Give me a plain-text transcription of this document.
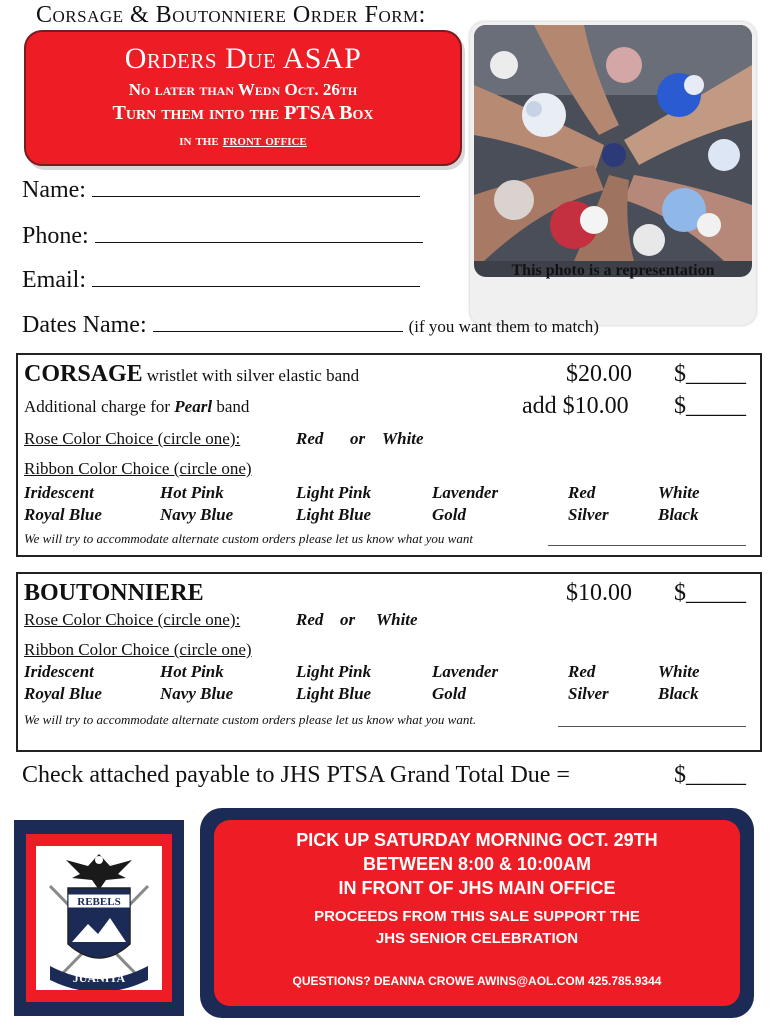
Corsage & Boutonniere Order Form:
Orders Due ASAP
No later than Wedn Oct. 26th
Turn them into the PTSA Box
in the front office
This photo is a representation
Name:
Phone:
Email:
Dates Name:	(if you want them to match)
CORSAGE wristlet with silver elastic band	$20.00 $_____
Additional charge for Pearl band	add $10.00 $_____
Rose Color Choice (circle one):	Red or White
Ribbon Color Choice (circle one)
Iridescent	Hot Pink	Light Pink	Lavender	Red	White
Royal Blue	Navy Blue	Light Blue	Gold	Silver	Black
We will try to accommodate alternate custom orders please let us know what you want
BOUTONNIERE	$10.00 $_____
Rose Color Choice (circle one):	Red or White
Ribbon Color Choice (circle one)
Iridescent	Hot Pink	Light Pink	Lavender	Red	White
Royal Blue	Navy Blue	Light Blue	Gold	Silver	Black
We will try to accommodate alternate custom orders please let us know what you want.
Check attached payable to JHS PTSA Grand Total Due =	$_____
REBELS
19	71
JUANITA
PICK UP SATURDAY MORNING OCT. 29TH
BETWEEN 8:00 & 10:00AM
IN FRONT OF JHS MAIN OFFICE
PROCEEDS FROM THIS SALE SUPPORT THE
JHS SENIOR CELEBRATION
QUESTIONS? DEANNA CROWE AWINS@AOL.COM 425.785.9344
